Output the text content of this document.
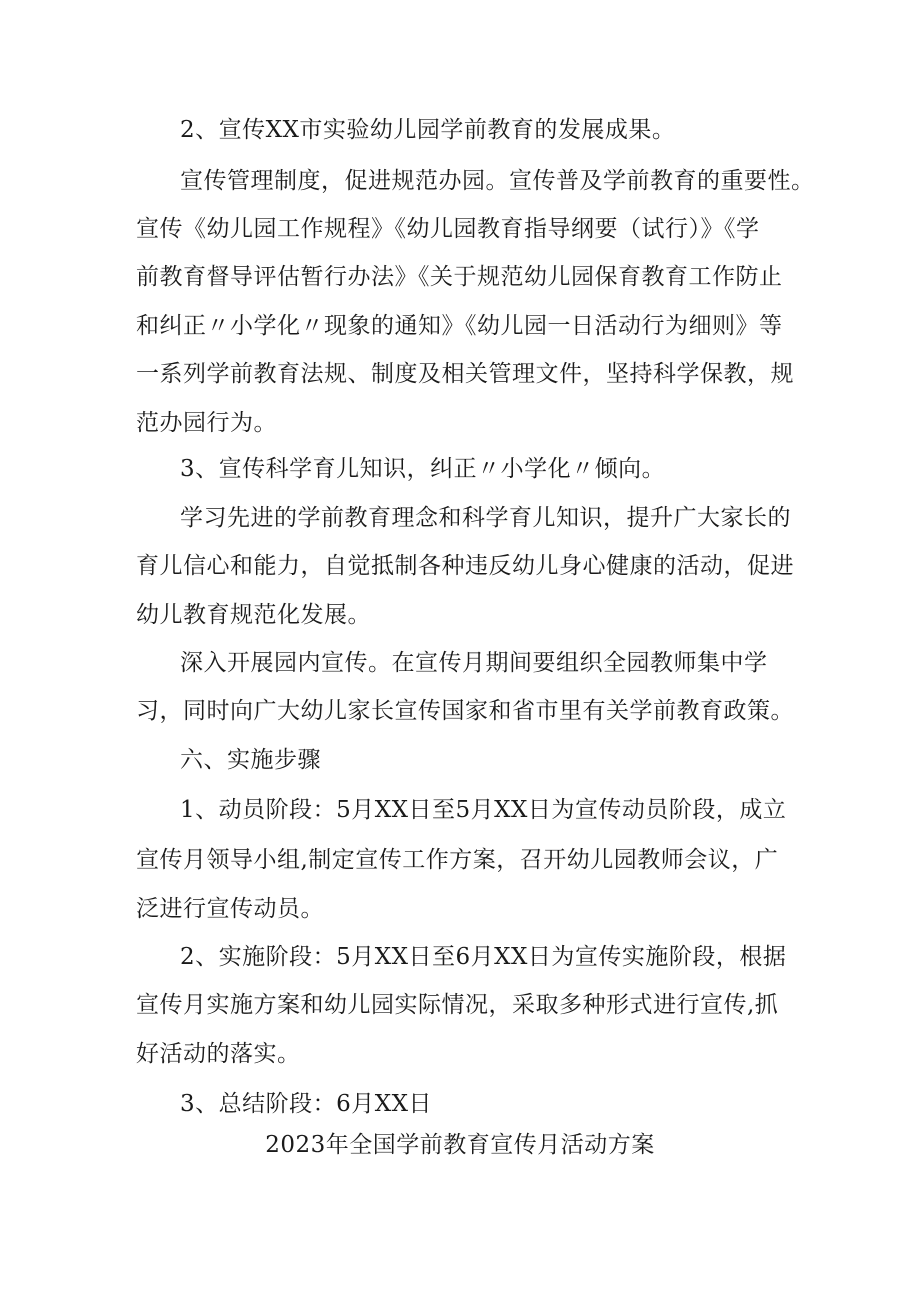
2、宣传XX市实验幼儿园学前教育的发展成果。
宣传管理制度，促进规范办园。宣传普及学前教育的重要性。
宣传《幼儿园工作规程》《幼儿园教育指导纲要（试行）》《学
前教育督导评估暂行办法》《关于规范幼儿园保育教育工作防止
和纠正〃小学化〃现象的通知》《幼儿园一日活动行为细则》等
一系列学前教育法规、制度及相关管理文件，坚持科学保教，规
范办园行为。
3、宣传科学育儿知识，纠正〃小学化〃倾向。
学习先进的学前教育理念和科学育儿知识，提升广大家长的
育儿信心和能力，自觉抵制各种违反幼儿身心健康的活动，促进
幼儿教育规范化发展。
深入开展园内宣传。在宣传月期间要组织全园教师集中学
习，同时向广大幼儿家长宣传国家和省市里有关学前教育政策。
六、实施步骤
1、动员阶段：5月XX日至5月XX日为宣传动员阶段，成立
宣传月领导小组,制定宣传工作方案，召开幼儿园教师会议，广
泛进行宣传动员。
2、实施阶段：5月XX日至6月XX日为宣传实施阶段，根据
宣传月实施方案和幼儿园实际情况，采取多种形式进行宣传,抓
好活动的落实。
3、总结阶段：6月XX日
2023年全国学前教育宣传月活动方案
